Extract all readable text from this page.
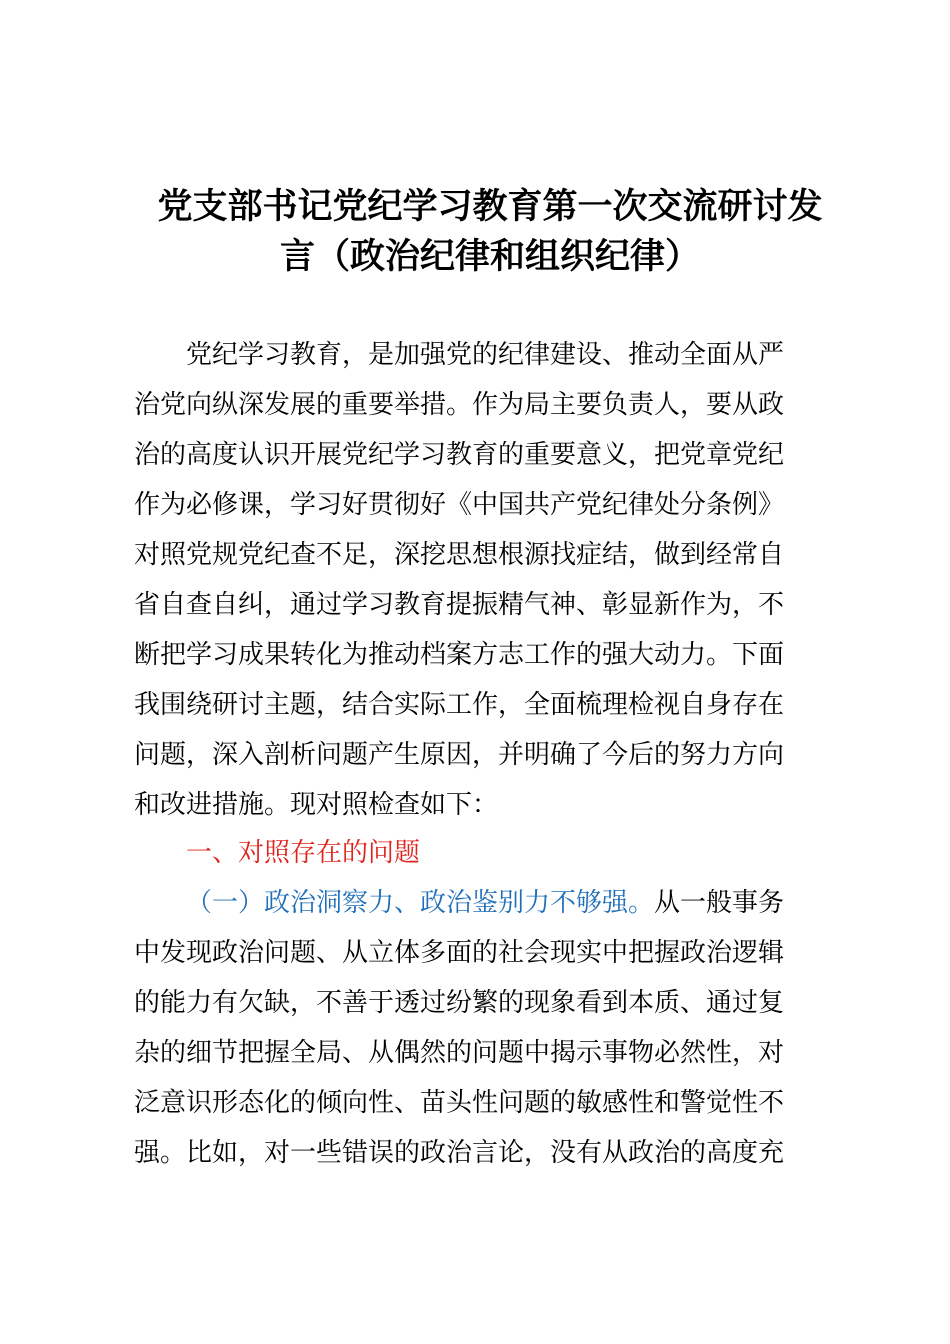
党支部书记党纪学习教育第一次交流研讨发
言（政治纪律和组织纪律）
党纪学习教育，是加强党的纪律建设、推动全面从严
治党向纵深发展的重要举措。作为局主要负责人，要从政
治的高度认识开展党纪学习教育的重要意义，把党章党纪
作为必修课，学习好贯彻好《中国共产党纪律处分条例》
对照党规党纪查不足，深挖思想根源找症结，做到经常自
省自查自纠，通过学习教育提振精气神、彰显新作为，不
断把学习成果转化为推动档案方志工作的强大动力。下面
我围绕研讨主题，结合实际工作，全面梳理检视自身存在
问题，深入剖析问题产生原因，并明确了今后的努力方向
和改进措施。现对照检查如下：
一、对照存在的问题
（一）政治洞察力、政治鉴别力不够强。从一般事务
中发现政治问题、从立体多面的社会现实中把握政治逻辑
的能力有欠缺，不善于透过纷繁的现象看到本质、通过复
杂的细节把握全局、从偶然的问题中揭示事物必然性，对
泛意识形态化的倾向性、苗头性问题的敏感性和警觉性不
强。比如，对一些错误的政治言论，没有从政治的高度充
